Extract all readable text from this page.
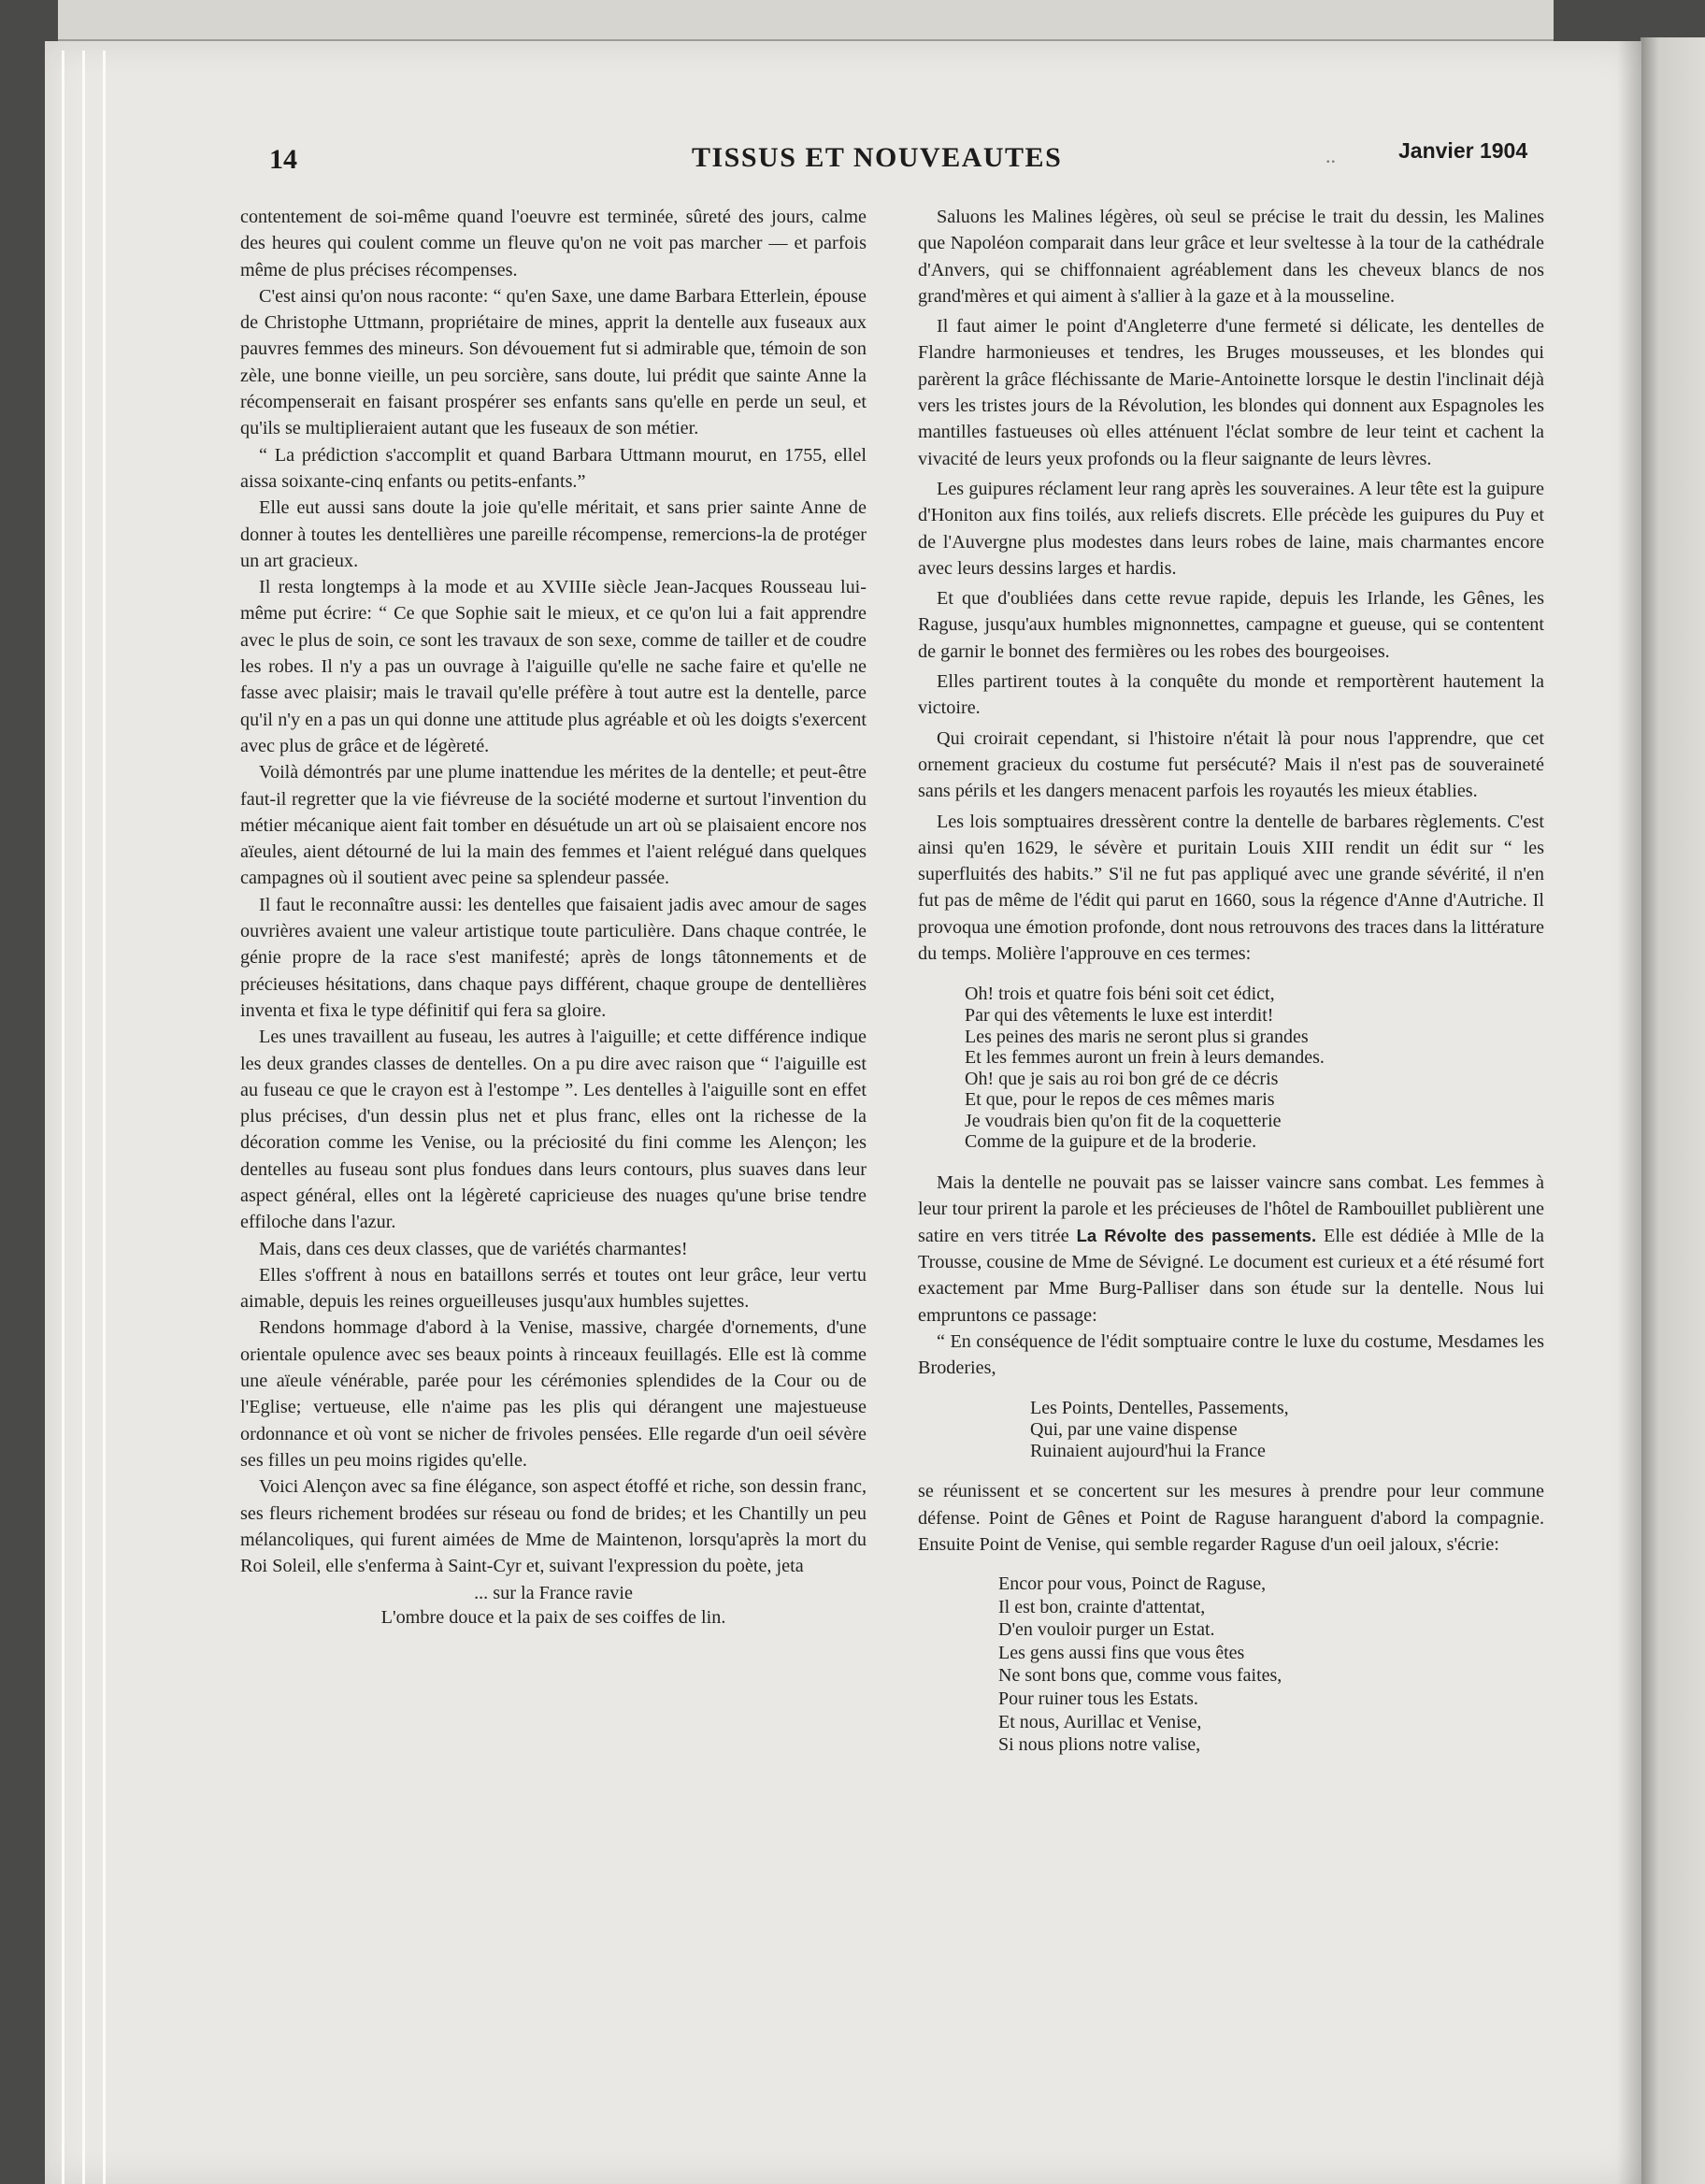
14	TISSUS ET NOUVEAUTES	..	Janvier 1904

contentement de soi-même quand l'oeuvre est terminée, sûreté des jours, calme des heures qui coulent comme un fleuve qu'on ne voit pas marcher — et parfois même de plus précises récompenses.

C'est ainsi qu'on nous raconte: “ qu'en Saxe, une dame Barbara Etterlein, épouse de Christophe Uttmann, propriétaire de mines, apprit la dentelle aux fuseaux aux pauvres femmes des mineurs. Son dévouement fut si admirable que, témoin de son zèle, une bonne vieille, un peu sorcière, sans doute, lui prédit que sainte Anne la récompenserait en faisant prospérer ses enfants sans qu'elle en perde un seul, et qu'ils se multiplieraient autant que les fuseaux de son métier.

“ La prédiction s'accomplit et quand Barbara Uttmann mourut, en 1755, ellel aissa soixante-cinq enfants ou petits-enfants.”

Elle eut aussi sans doute la joie qu'elle méritait, et sans prier sainte Anne de donner à toutes les dentellières une pareille récompense, remercions-la de protéger un art gracieux.

Il resta longtemps à la mode et au XVIIIe siècle Jean-Jacques Rousseau lui-même put écrire: “ Ce que Sophie sait le mieux, et ce qu'on lui a fait apprendre avec le plus de soin, ce sont les travaux de son sexe, comme de tailler et de coudre les robes. Il n'y a pas un ouvrage à l'aiguille qu'elle ne sache faire et qu'elle ne fasse avec plaisir; mais le travail qu'elle préfère à tout autre est la dentelle, parce qu'il n'y en a pas un qui donne une attitude plus agréable et où les doigts s'exercent avec plus de grâce et de légèreté.

Voilà démontrés par une plume inattendue les mérites de la dentelle; et peut-être faut-il regretter que la vie fiévreuse de la société moderne et surtout l'invention du métier mécanique aient fait tomber en désuétude un art où se plaisaient encore nos aïeules, aient détourné de lui la main des femmes et l'aient relégué dans quelques campagnes où il soutient avec peine sa splendeur passée.

Il faut le reconnaître aussi: les dentelles que faisaient jadis avec amour de sages ouvrières avaient une valeur artistique toute particulière. Dans chaque contrée, le génie propre de la race s'est manifesté; après de longs tâtonnements et de précieuses hésitations, dans chaque pays différent, chaque groupe de dentellières inventa et fixa le type définitif qui fera sa gloire.

Les unes travaillent au fuseau, les autres à l'aiguille; et cette différence indique les deux grandes classes de dentelles. On a pu dire avec raison que “ l'aiguille est au fuseau ce que le crayon est à l'estompe ”. Les dentelles à l'aiguille sont en effet plus précises, d'un dessin plus net et plus franc, elles ont la richesse de la décoration comme les Venise, ou la préciosité du fini comme les Alençon; les dentelles au fuseau sont plus fondues dans leurs contours, plus suaves dans leur aspect général, elles ont la légèreté capricieuse des nuages qu'une brise tendre effiloche dans l'azur.

Mais, dans ces deux classes, que de variétés charmantes!

Elles s'offrent à nous en bataillons serrés et toutes ont leur grâce, leur vertu aimable, depuis les reines orgueilleuses jusqu'aux humbles sujettes.

Rendons hommage d'abord à la Venise, massive, chargée d'ornements, d'une orientale opulence avec ses beaux points à rinceaux feuillagés. Elle est là comme une aïeule vénérable, parée pour les cérémonies splendides de la Cour ou de l'Eglise; vertueuse, elle n'aime pas les plis qui dérangent une majestueuse ordonnance et où vont se nicher de frivoles pensées. Elle regarde d'un oeil sévère ses filles un peu moins rigides qu'elle.

Voici Alençon avec sa fine élégance, son aspect étoffé et riche, son dessin franc, ses fleurs richement brodées sur réseau ou fond de brides; et les Chantilly un peu mélancoliques, qui furent aimées de Mme de Maintenon, lorsqu'après la mort du Roi Soleil, elle s'enferma à Saint-Cyr et, suivant l'expression du poète, jeta

... sur la France ravie
L'ombre douce et la paix de ses coiffes de lin.

Saluons les Malines légères, où seul se précise le trait du dessin, les Malines que Napoléon comparait dans leur grâce et leur sveltesse à la tour de la cathédrale d'Anvers, qui se chiffonnaient agréablement dans les cheveux blancs de nos grand'mères et qui aiment à s'allier à la gaze et à la mousseline.

Il faut aimer le point d'Angleterre d'une fermeté si délicate, les dentelles de Flandre harmonieuses et tendres, les Bruges mousseuses, et les blondes qui parèrent la grâce fléchissante de Marie-Antoinette lorsque le destin l'inclinait déjà vers les tristes jours de la Révolution, les blondes qui donnent aux Espagnoles les mantilles fastueuses où elles atténuent l'éclat sombre de leur teint et cachent la vivacité de leurs yeux profonds ou la fleur saignante de leurs lèvres.

Les guipures réclament leur rang après les souveraines. A leur tête est la guipure d'Honiton aux fins toilés, aux reliefs discrets. Elle précède les guipures du Puy et de l'Auvergne plus modestes dans leurs robes de laine, mais charmantes encore avec leurs dessins larges et hardis.

Et que d'oubliées dans cette revue rapide, depuis les Irlande, les Gênes, les Raguse, jusqu'aux humbles mignonnettes, campagne et gueuse, qui se contentent de garnir le bonnet des fermières ou les robes des bourgeoises.

Elles partirent toutes à la conquête du monde et remportèrent hautement la victoire.

Qui croirait cependant, si l'histoire n'était là pour nous l'apprendre, que cet ornement gracieux du costume fut persécuté? Mais il n'est pas de souveraineté sans périls et les dangers menacent parfois les royautés les mieux établies.

Les lois somptuaires dressèrent contre la dentelle de barbares règlements. C'est ainsi qu'en 1629, le sévère et puritain Louis XIII rendit un édit sur “ les superfluités des habits.” S'il ne fut pas appliqué avec une grande sévérité, il n'en fut pas de même de l'édit qui parut en 1660, sous la régence d'Anne d'Autriche. Il provoqua une émotion profonde, dont nous retrouvons des traces dans la littérature du temps. Molière l'approuve en ces termes:

Oh! trois et quatre fois béni soit cet édict,
Par qui des vêtements le luxe est interdit!
Les peines des maris ne seront plus si grandes
Et les femmes auront un frein à leurs demandes.
Oh! que je sais au roi bon gré de ce décris
Et que, pour le repos de ces mêmes maris
Je voudrais bien qu'on fit de la coquetterie
Comme de la guipure et de la broderie.

Mais la dentelle ne pouvait pas se laisser vaincre sans combat. Les femmes à leur tour prirent la parole et les précieuses de l'hôtel de Rambouillet publièrent une satire en vers titrée La Révolte des passements. Elle est dédiée à Mlle de la Trousse, cousine de Mme de Sévigné. Le document est curieux et a été résumé fort exactement par Mme Burg-Palliser dans son étude sur la dentelle. Nous lui empruntons ce passage:

“ En conséquence de l'édit somptuaire contre le luxe du costume, Mesdames les Broderies,

Les Points, Dentelles, Passements,
Qui, par une vaine dispense
Ruinaient aujourd'hui la France

se réunissent et se concertent sur les mesures à prendre pour leur commune défense. Point de Gênes et Point de Raguse haranguent d'abord la compagnie. Ensuite Point de Venise, qui semble regarder Raguse d'un oeil jaloux, s'écrie:

Encor pour vous, Poinct de Raguse,
Il est bon, crainte d'attentat,
D'en vouloir purger un Estat.
Les gens aussi fins que vous êtes
Ne sont bons que, comme vous faites,
Pour ruiner tous les Estats.
Et nous, Aurillac et Venise,
Si nous plions notre valise,
